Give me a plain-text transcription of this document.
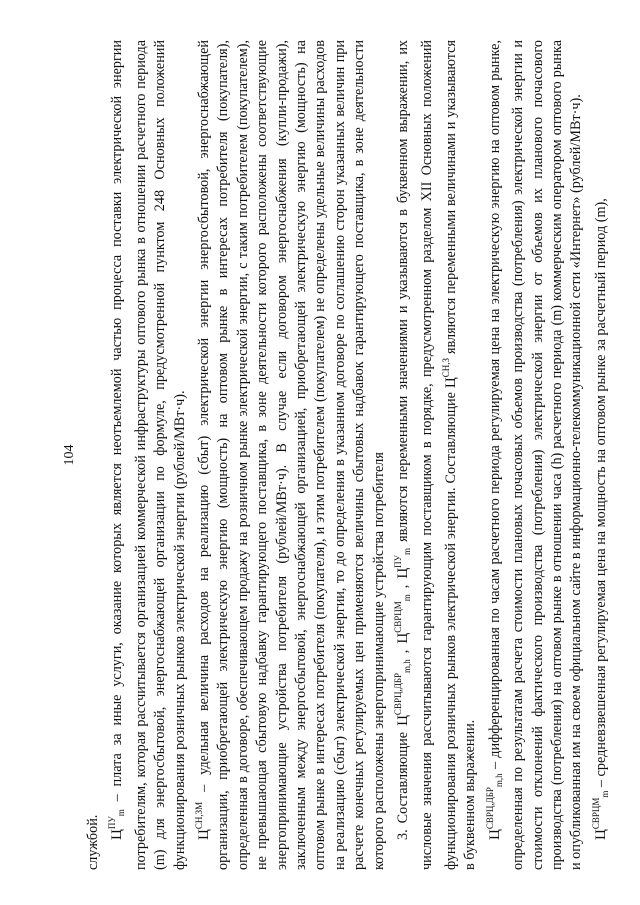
104

службой. $Ц^{ПУ}_m$ – плата за иные услуги, оказание которых является неотъемлемой частью процесса поставки электрической энергии потребителям, которая рассчитывается организацией коммерческой инфраструктуры оптового рынка в отношении расчетного периода (m) для энергосбытовой, энергоснабжающей организации по формуле, предусмотренной пунктом 248 Основных положений функционирования розничных рынков электрической энергии (рублей/МВт·ч). $Ц^{СН,ЗМ}$ – удельная величина расходов на реализацию (сбыт) электрической энергии энергосбытовой, энергоснабжающей организации, приобретающей электрическую энергию (мощность) на оптовом рынке в интересах потребителя (покупателя), определенная в договоре, обеспечивающем продажу на розничном рынке электрической энергии, с таким потребителем (покупателем), не превышающая сбытовую надбавку гарантирующего поставщика, в зоне деятельности которого расположены соответствующие энергопринимающие устройства потребителя (рублей/МВт·ч). В случае если договором энергоснабжения (купли-продажи), заключенным между энергосбытовой, энергоснабжающей организацией, приобретающей электрическую энергию (мощность) на оптовом рынке в интересах потребителя (покупателя), и этим потребителем (покупателем) не определены удельные величины расходов на реализацию (сбыт) электрической энергии, то до определения в указанном договоре по соглашению сторон указанных величин при расчете конечных регулируемых цен применяются величины сбытовых надбавок гарантирующего поставщика, в зоне деятельности которого расположены энергопринимающие устройства потребителя 3. Составляющие $Ц^{СВРЦ,ДБР}_{m,h}$ , $Ц^{СВРЦМ}_m$ , $Ц^{ПУ}_m$ являются переменными значениями и указываются в буквенном выражении, их числовые значения рассчитываются гарантирующим поставщиком в порядке, предусмотренном разделом XII Основных положений функционирования розничных рынков электрической энергии. Составляющие $Ц^{СН,З}$ являются переменными величинами и указываются в буквенном выражении. $Ц^{СВРЦ,ДБР}_{m,h}$ – дифференцированная по часам расчетного периода регулируемая цена на электрическую энергию на оптовом рынке, определенная по результатам расчета стоимости плановых почасовых объемов производства (потребления) электрической энергии и стоимости отклонений фактического производства (потребления) электрической энергии от объемов их планового почасового производства (потребления) на оптовом рынке в отношении часа (h) расчетного периода (m) коммерческим оператором оптового рынка и опубликованная им на своем официальном сайте в информационно-телекоммуникационной сети «Интернет» (рублей/МВт·ч). $Ц^{СВРЦМ}_m$ – средневзвешенная регулируемая цена на мощность на оптовом рынке за расчетный период (m),
